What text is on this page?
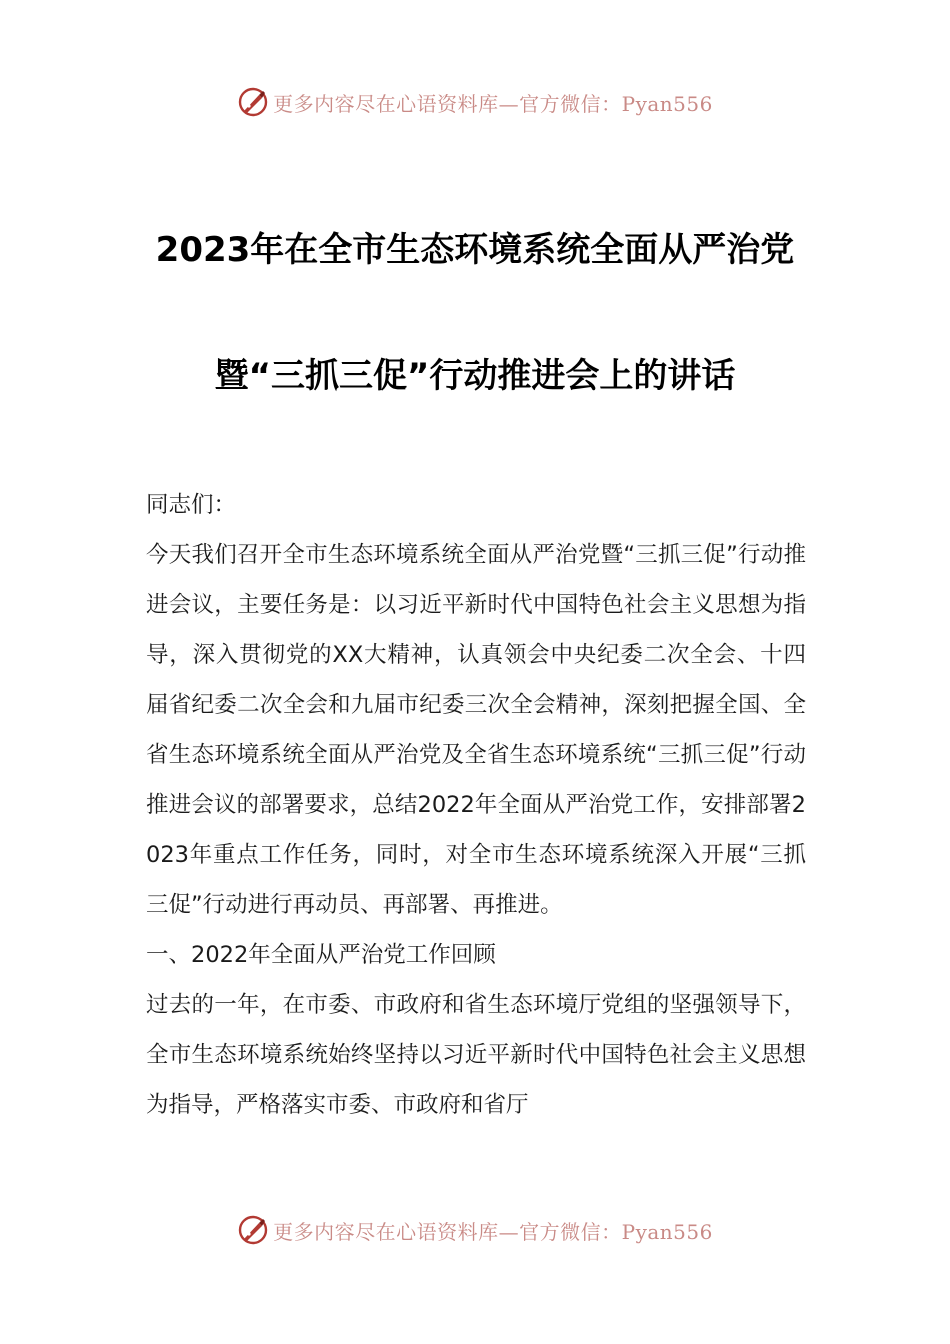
更多内容尽在心语资料库—官方微信：Pyan556
2023年在全市生态环境系统全面从严治党
暨“三抓三促”行动推进会上的讲话

同志们：

今天我们召开全市生态环境系统全面从严治党暨“三抓三促”行动推进会议，主要任务是：以习近平新时代中国特色社会主义思想为指导，深入贯彻党的XX大精神，认真领会中央纪委二次全会、十四届省纪委二次全会和九届市纪委三次全会精神，深刻把握全国、全省生态环境系统全面从严治党及全省生态环境系统“三抓三促”行动推进会议的部署要求，总结2022年全面从严治党工作，安排部署2023年重点工作任务，同时，对全市生态环境系统深入开展“三抓三促”行动进行再动员、再部署、再推进。

一、2022年全面从严治党工作回顾

过去的一年，在市委、市政府和省生态环境厅党组的坚强领导下，全市生态环境系统始终坚持以习近平新时代中国特色社会主义思想为指导，严格落实市委、市政府和省厅

更多内容尽在心语资料库—官方微信：Pyan556
